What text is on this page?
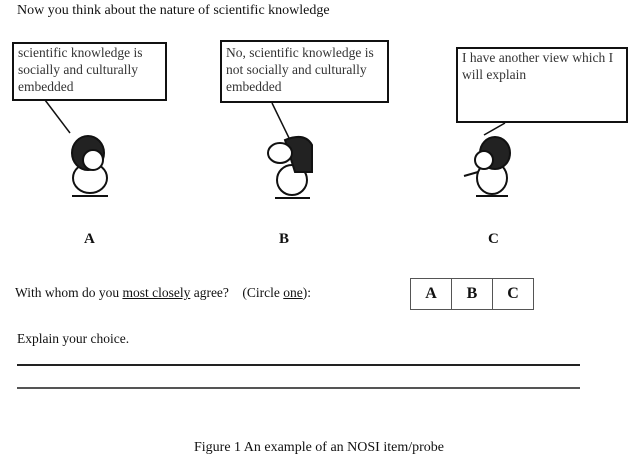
Now you think about the nature of scientific knowledge
scientific knowledge is socially and culturally embedded
No, scientific knowledge is not socially and culturally embedded
I have another view which I will explain
A	B	C
With whom do you most closely agree?    (Circle one):	A	B	C
Explain your choice.
Figure 1 An example of an NOSI item/probe
